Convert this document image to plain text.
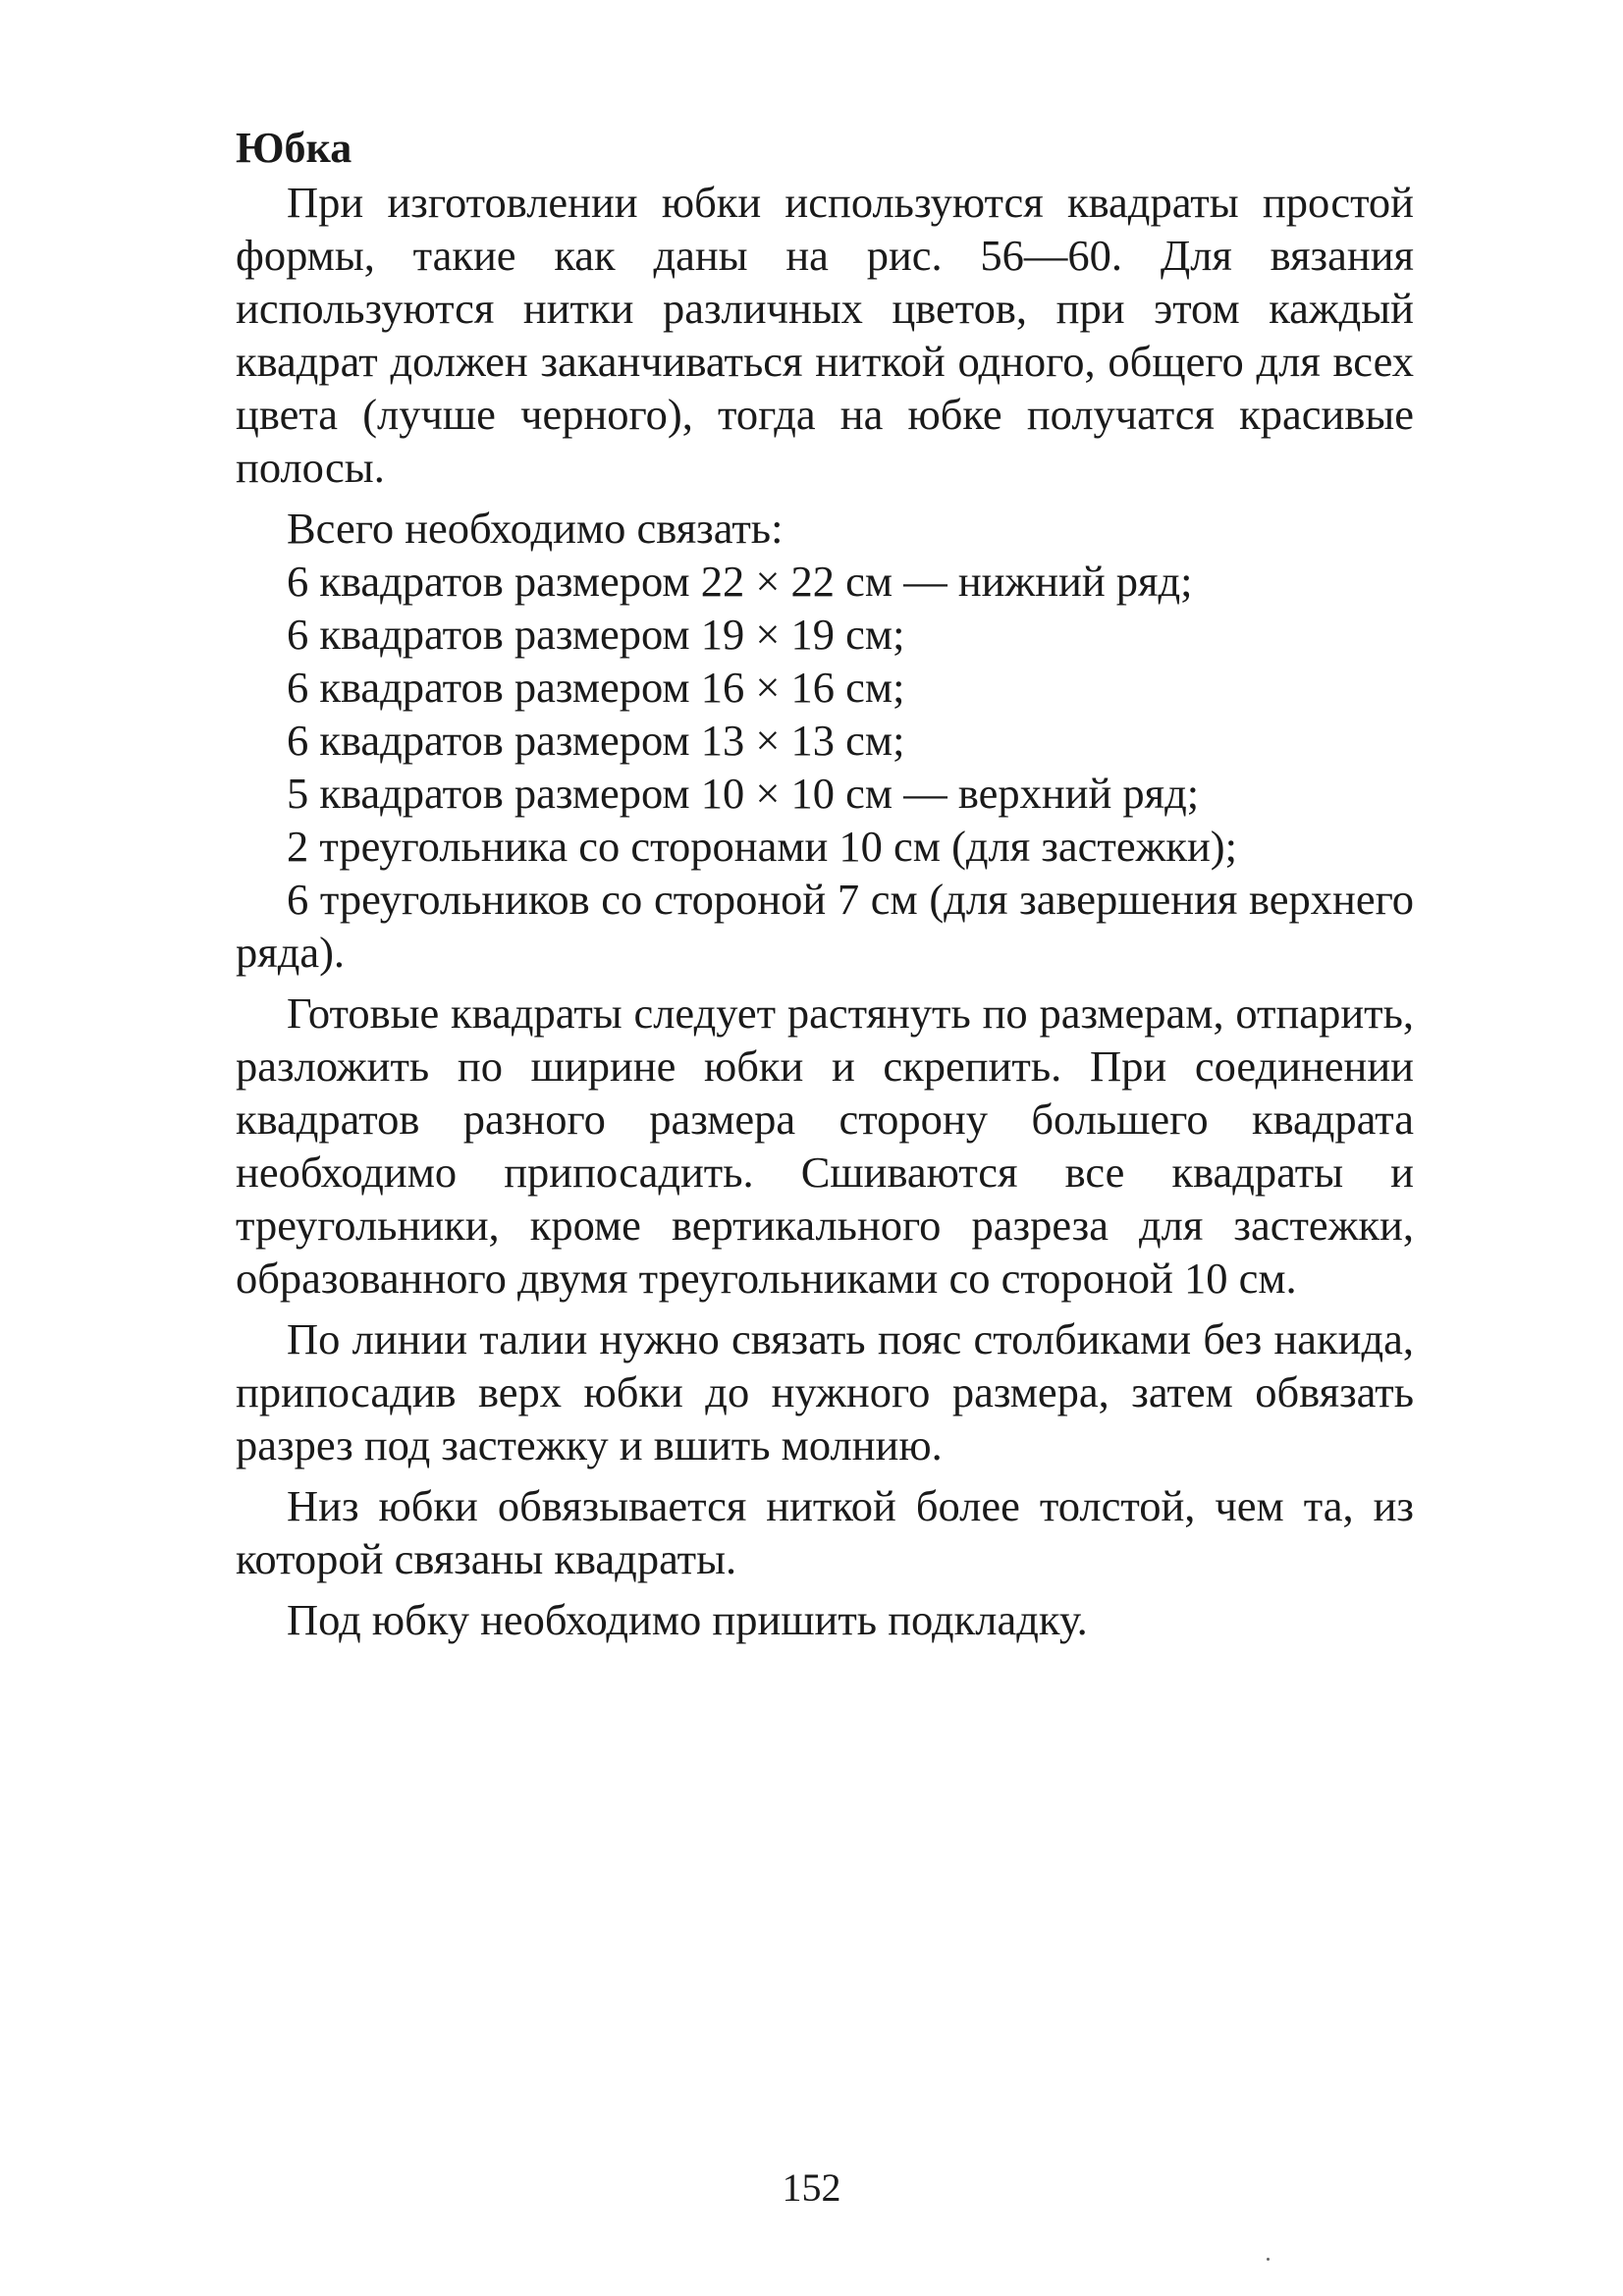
Юбка

При изготовлении юбки используются квадраты простой формы, такие как даны на рис. 56—60. Для вязания используются нитки различных цветов, при этом каждый квадрат должен заканчиваться ниткой одного, общего для всех цвета (лучше черного), тогда на юбке получатся красивые полосы.

Всего необходимо связать:

6 квадратов размером 22 × 22 см — нижний ряд;
6 квадратов размером 19 × 19 см;
6 квадратов размером 16 × 16 см;
6 квадратов размером 13 × 13 см;
5 квадратов размером 10 × 10 см — верхний ряд;
2 треугольника со сторонами 10 см (для застежки);

6 треугольников со стороной 7 см (для завершения верхнего ряда).

Готовые квадраты следует растянуть по размерам, отпарить, разложить по ширине юбки и скрепить. При соединении квадратов разного размера сторону большего квадрата необходимо припосадить. Сшиваются все квадраты и треугольники, кроме вертикального разреза для застежки, образованного двумя треугольниками со стороной 10 см.

По линии талии нужно связать пояс столбиками без накида, припосадив верх юбки до нужного размера, затем обвязать разрез под застежку и вшить молнию.

Низ юбки обвязывается ниткой более толстой, чем та, из которой связаны квадраты.

Под юбку необходимо пришить подкладку.

152
